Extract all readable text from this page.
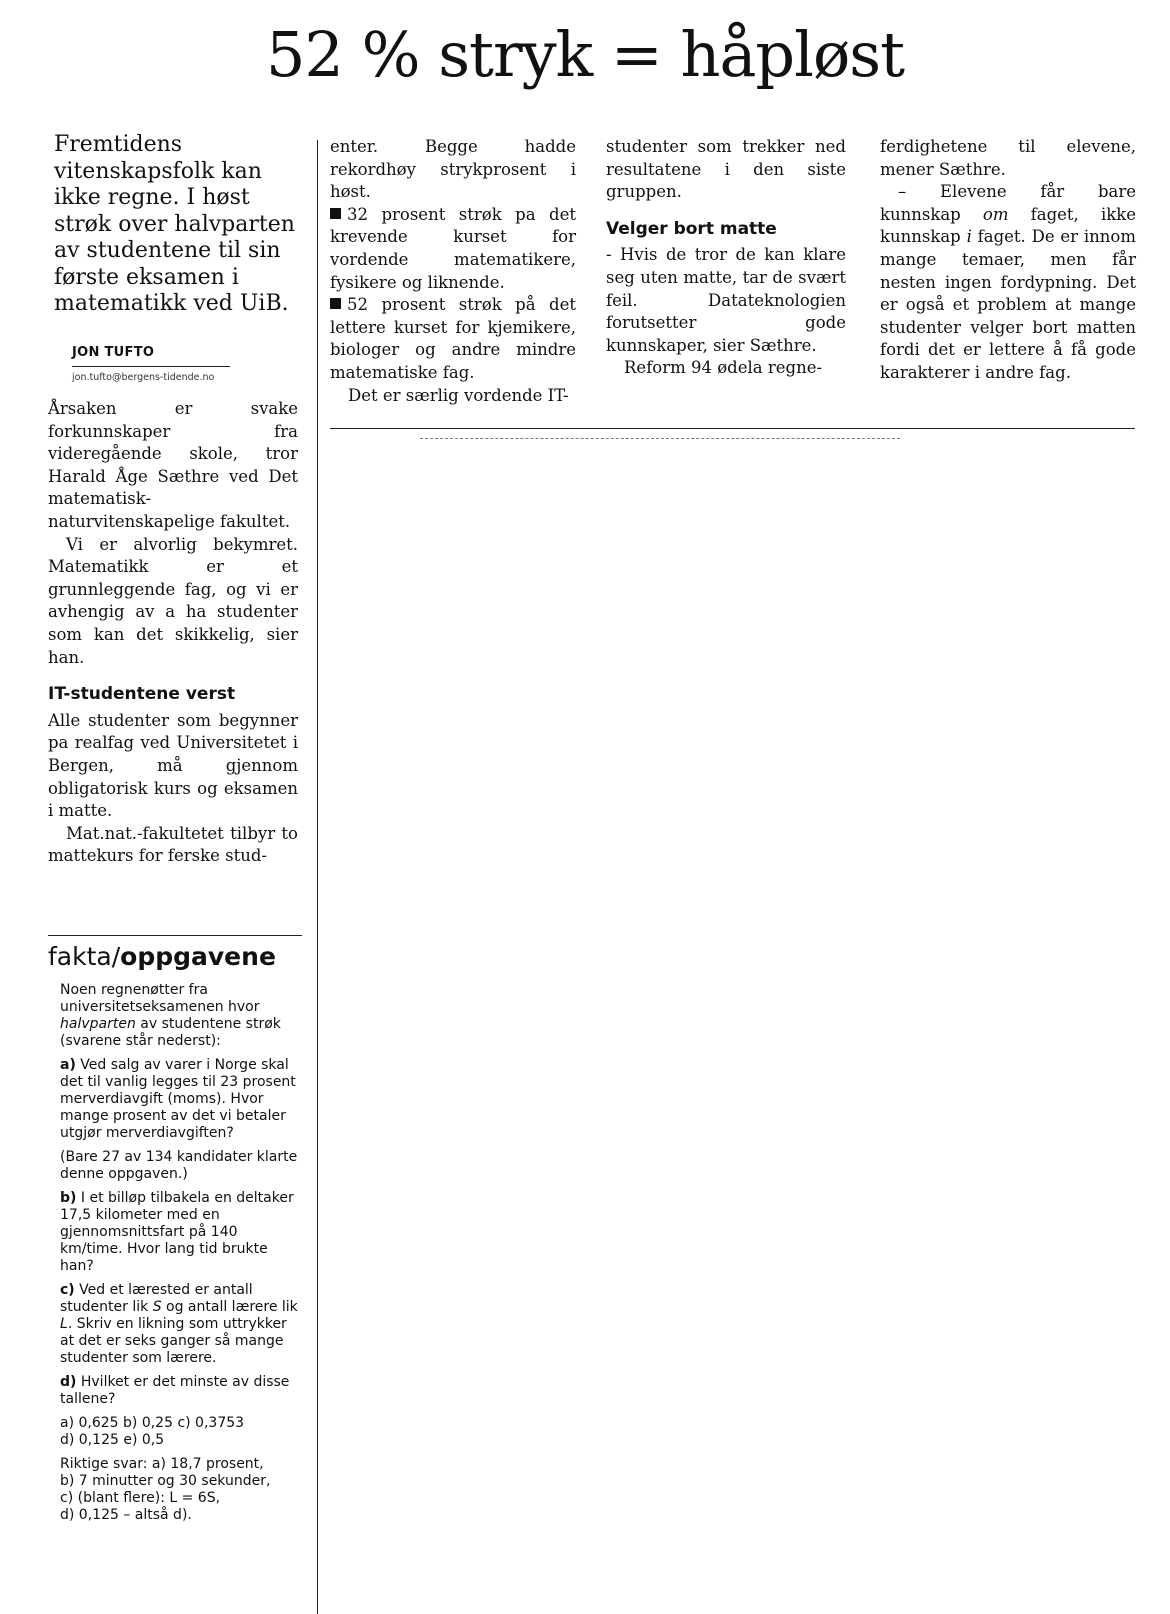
52 % stryk = håpløst
Fremtidens vitenskapsfolk kan ikke regne. I høst strøk over halvparten av studentene til sin første eksamen i matematikk ved UiB.
JON TUFTO
jon.tufto@bergens-tidende.no

Årsaken er svake forkunnskaper fra videregående skole, tror Harald Åge Sæthre ved Det matematisk-naturvitenskapelige fakultet.

Vi er alvorlig bekymret. Matematikk er et grunnleggende fag, og vi er avhengig av a ha studenter som kan det skikkelig, sier han.

IT-studentene verst

Alle studenter som begynner pa realfag ved Universitetet i Bergen, må gjennom obligatorisk kurs og eksamen i matte.

Mat.nat.-fakultetet tilbyr to mattekurs for ferske stud-

enter. Begge hadde rekordhøy strykprosent i høst.

32 prosent strøk pa det krevende kurset for vordende matematikere, fysikere og liknende.

52 prosent strøk på det lettere kurset for kjemikere, biologer og andre mindre matematiske fag.

Det er særlig vordende IT-

studenter som trekker ned resultatene i den siste gruppen.

Velger bort matte

- Hvis de tror de kan klare seg uten matte, tar de svært feil. Datateknologien forutsetter gode kunnskaper, sier Sæthre.

Reform 94 ødela regne-

ferdighetene til elevene, mener Sæthre.

– Elevene får bare kunnskap om faget, ikke kunnskap i faget. De er innom mange temaer, men får nesten ingen fordypning. Det er også et problem at mange studenter velger bort matten fordi det er lettere å få gode karakterer i andre fag.

fakta/oppgavene

Noen regnenøtter fra universitetseksamenen hvor halvparten av studentene strøk (svarene står nederst):

a) Ved salg av varer i Norge skal det til vanlig legges til 23 prosent merverdiavgift (moms). Hvor mange prosent av det vi betaler utgjør merverdiavgiften?

(Bare 27 av 134 kandidater klarte denne oppgaven.)

b) I et billøp tilbakela en deltaker 17,5 kilometer med en gjennomsnittsfart på 140 km/time. Hvor lang tid brukte han?

c) Ved et lærested er antall studenter lik S og antall lærere lik L. Skriv en likning som uttrykker at det er seks ganger så mange studenter som lærere.

d) Hvilket er det minste av disse tallene?

a) 0,625 b) 0,25 c) 0,3753
d) 0,125 e) 0,5

Riktige svar: a) 18,7 prosent,
b) 7 minutter og 30 sekunder,
c) (blant flere): L = 6S,
d) 0,125 – altså d).
